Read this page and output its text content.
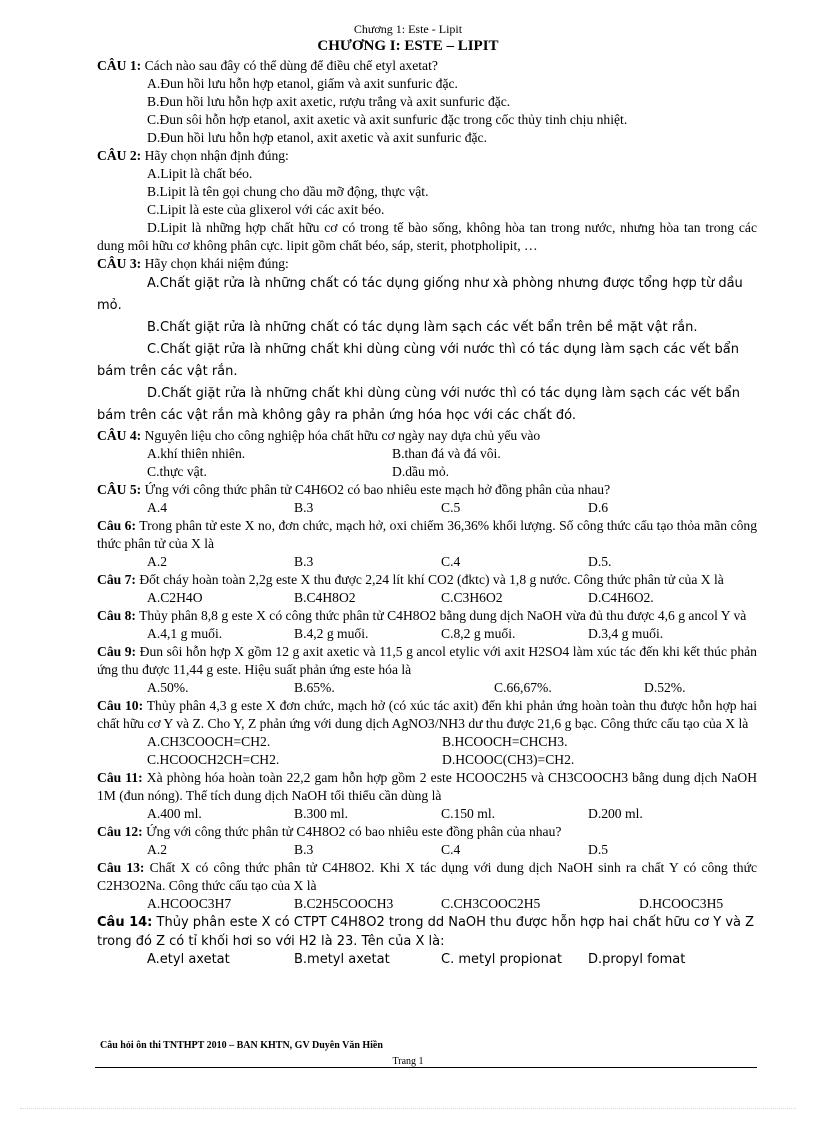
Chương 1: Este - Lipit
CHƯƠNG I: ESTE – LIPIT
CÂU 1: Cách nào sau đây có thể dùng để điều chế etyl axetat?
A.Đun hồi lưu hỗn hợp etanol, giấm và axit sunfuric đặc.
B.Đun hồi lưu hỗn hợp axit axetic, rượu trắng và axit sunfuric đặc.
C.Đun sôi hỗn hợp etanol, axit axetic và axit sunfuric đặc trong cốc thủy tinh chịu nhiệt.
D.Đun hồi lưu hỗn hợp etanol, axit axetic và axit sunfuric đặc.
CÂU 2: Hãy chọn nhận định đúng:
A.Lipit là chất béo.
B.Lipit là tên gọi chung cho dầu mỡ động, thực vật.
C.Lipit là este của glixerol với các axit béo.
D.Lipit là những hợp chất hữu cơ có trong tế bào sống, không hòa tan trong nước, nhưng hòa tan trong các dung môi hữu cơ không phân cực. lipit gồm chất béo, sáp, sterit, photpholipit, …
CÂU 3: Hãy chọn khái niệm đúng:
A.Chất giặt rửa là những chất có tác dụng giống như xà phòng nhưng được tổng hợp từ dầu mỏ.
B.Chất giặt rửa là những chất có tác dụng làm sạch các vết bẩn trên bề mặt vật rắn.
C.Chất giặt rửa là những chất khi dùng cùng với nước thì có tác dụng làm sạch các vết bẩn bám trên các vật rắn.
D.Chất giặt rửa là những chất khi dùng cùng với nước thì có tác dụng làm sạch các vết bẩn bám trên các vật rắn mà không gây ra phản ứng hóa học với các chất đó.
CÂU 4: Nguyên liệu cho công nghiệp hóa chất hữu cơ ngày nay dựa chủ yếu vào
A.khí thiên nhiên.	B.than đá và đá vôi.
C.thực vật.	D.dầu mỏ.
CÂU 5: Ứng với công thức phân tử C4H6O2 có bao nhiêu este mạch hở đồng phân của nhau?
A.4	B.3	C.5	D.6
Câu 6: Trong phân tử este X no, đơn chức, mạch hở, oxi chiếm 36,36% khối lượng. Số công thức cấu tạo thỏa mãn công thức phân tử của X là
A.2	B.3	C.4	D.5.
Câu 7: Đốt cháy hoàn toàn 2,2g este X thu được 2,24 lít khí CO2 (đktc) và 1,8 g nước. Công thức phân tử của X là
A.C2H4O	B.C4H8O2	C.C3H6O2	D.C4H6O2.
Câu 8: Thủy phân 8,8 g este X có công thức phân tử C4H8O2 bằng dung dịch NaOH vừa đủ thu được 4,6 g ancol Y và
A.4,1 g muối.	B.4,2 g muối.	C.8,2 g muối.	D.3,4 g muối.
Câu 9: Đun sôi hỗn hợp X gồm 12 g axit axetic và 11,5 g ancol etylic với axit H2SO4 làm xúc tác đến khi kết thúc phản ứng thu được 11,44 g este. Hiệu suất phản ứng este hóa là
A.50%.	B.65%.	C.66,67%.	D.52%.
Câu 10: Thủy phân 4,3 g este X đơn chức, mạch hở (có xúc tác axit) đến khi phản ứng hoàn toàn thu được hỗn hợp hai chất hữu cơ Y và Z. Cho Y, Z phản ứng với dung dịch AgNO3/NH3 dư thu được 21,6 g bạc. Công thức cấu tạo của X là
A.CH3COOCH=CH2.	B.HCOOCH=CHCH3.
C.HCOOCH2CH=CH2.	D.HCOOC(CH3)=CH2.
Câu 11: Xà phòng hóa hoàn toàn 22,2 gam hỗn hợp gồm 2 este HCOOC2H5 và CH3COOCH3 bằng dung dịch NaOH 1M (đun nóng). Thể tích dung dịch NaOH tối thiểu cần dùng là
A.400 ml.	B.300 ml.	C.150 ml.	D.200 ml.
Câu 12: Ứng với công thức phân tử C4H8O2 có bao nhiêu este đồng phân của nhau?
A.2	B.3	C.4	D.5
Câu 13: Chất X có công thức phân tử C4H8O2. Khi X tác dụng với dung dịch NaOH sinh ra chất Y có công thức C2H3O2Na. Công thức cấu tạo của X là
A.HCOOC3H7	B.C2H5COOCH3	C.CH3COOC2H5	D.HCOOC3H5
Câu 14: Thủy phân este X có CTPT C4H8O2 trong dd NaOH thu được hỗn hợp hai chất hữu cơ Y và Z trong đó Z có tỉ khối hơi so với H2 là 23. Tên của X là:
A.etyl axetat	B.metyl axetat	C. metyl propionat	D.propyl fomat
Câu hỏi ôn thi TNTHPT 2010 – BAN KHTN, GV Duyên Văn Hiền
Trang 1
